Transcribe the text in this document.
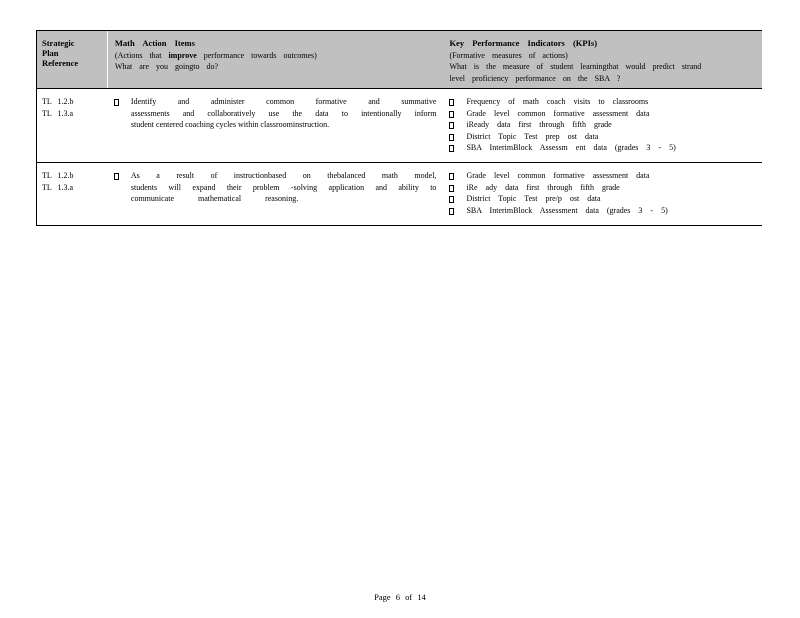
Strategic
Plan
Reference
Math Action Items
(Actions that improve performance towards outcomes)
What are you goingto do?
Key Performance Indicators (KPIs)
(Formative measures of actions)
What is the measure of student learningthat would predict strand
level proficiency performance on the SBA ?
TL 1.2.b
TL 1.3.a

Identify and administer common formative and summative

assessments and collaboratively use the data to intentionally inform

student centered coaching cycles within classroominstruction.

Frequency of math coach visits to classrooms
Grade level common formative assessment data
iReady data first through fifth grade
District Topic Test prep ost data
SBA InterimBlock Assessm ent data (grades 3 - 5)
TL 1.2.b
TL 1.3.a

As a result of instructionbased on thebalanced math model,

students will expand their problem -solving application and ability to

communicate mathematical reasoning.

Grade level common formative assessment data
iRe ady data first through fifth grade
District Topic Test pre/p ost data
SBA InterimBlock Assessment data (grades 3 - 5)
Page 6 of 14
